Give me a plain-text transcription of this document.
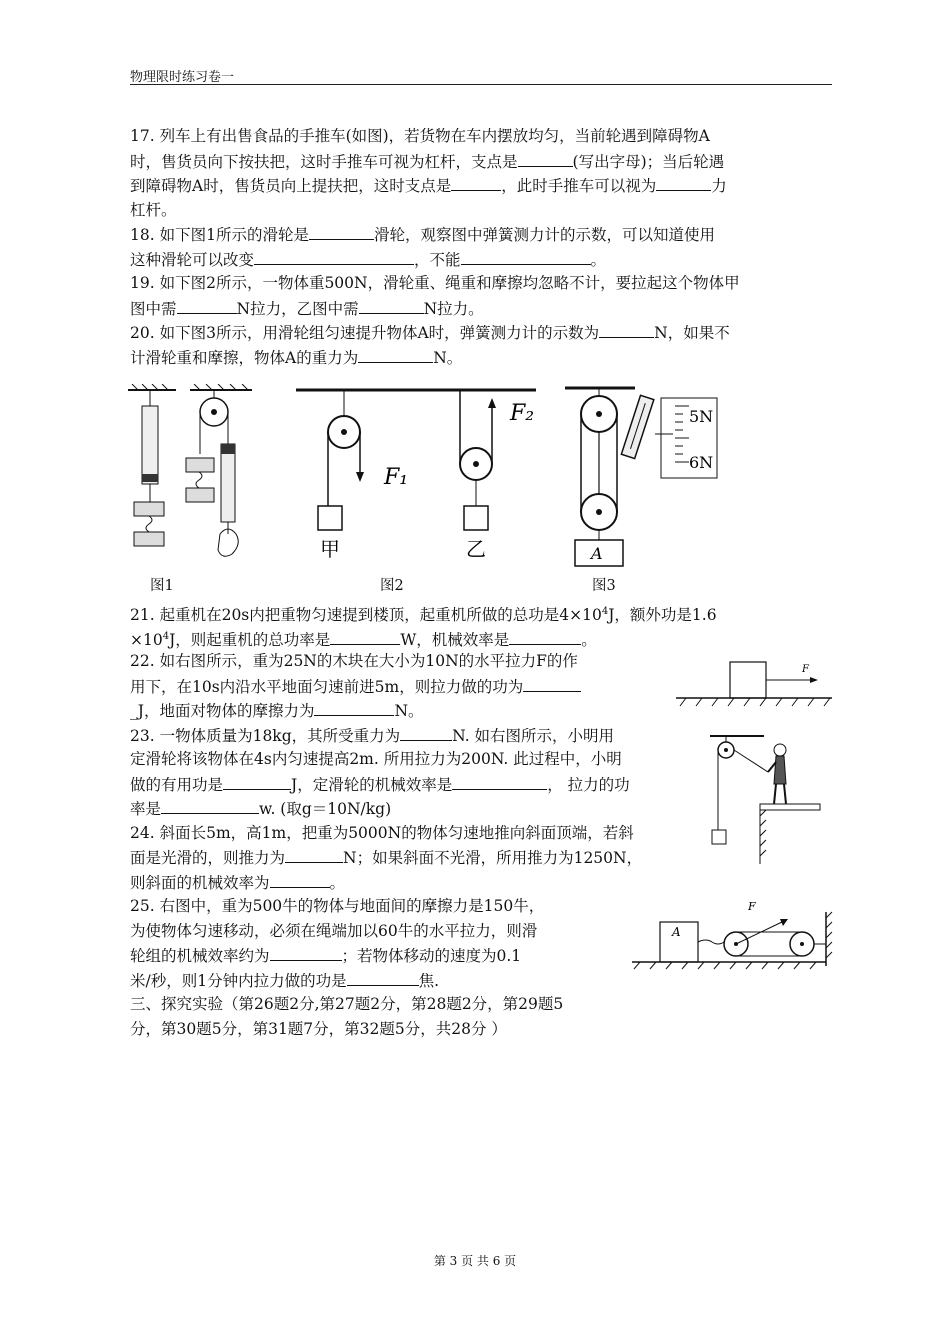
物理限时练习卷一
17. 列车上有出售食品的手推车(如图)，若货物在车内摆放均匀，当前轮遇到障碍物A
时，售货员向下按扶把，这时手推车可视为杠杆，支点是	(写出字母)；当后轮遇
到障碍物A时，售货员向上提扶把，这时支点是	，此时手推车可以视为	力
杠杆。
18. 如下图1所示的滑轮是	滑轮，观察图中弹簧测力计的示数，可以知道使用
这种滑轮可以改变	，不能	。
19. 如下图2所示，一物体重500N，滑轮重、绳重和摩擦均忽略不计，要拉起这个物体甲
图中需	N拉力，乙图中需	N拉力。
20. 如下图3所示，用滑轮组匀速提升物体A时，弹簧测力计的示数为	N，如果不
计滑轮重和摩擦，物体A的重力为	N。
F₁
甲
F₂
乙	A
5N
6N
图1	图2	图3
21. 起重机在20s内把重物匀速提到楼顶，起重机所做的总功是$4\times 10^4J$，额外功是1.6
$\times 10^4J$，则起重机的总功率是	W，机械效率是	。
22. 如右图所示，重为25N的木块在大小为10N的水平拉力F的作
用下，在10s内沿水平地面匀速前进5m，则拉力做的功为
_J，地面对物体的摩擦力为	N。
23. 一物体质量为18kg，其所受重力为	N. 如右图所示，小明用
定滑轮将该物体在4s内匀速提高2m. 所用拉力为200N. 此过程中，小明
做的有用功是	J，定滑轮的机械效率是	， 拉力的功
率是	w. (取g＝10N/kg)
24. 斜面长5m，高1m，把重为5000N的物体匀速地推向斜面顶端，若斜
面是光滑的，则推力为	N；如果斜面不光滑，所用推力为1250N，
则斜面的机械效率为	。
25. 右图中，重为500牛的物体与地面间的摩擦力是150牛，
为使物体匀速移动，必须在绳端加以60牛的水平拉力，则滑
轮组的机械效率约为	；若物体移动的速度为0.1
米/秒，则1分钟内拉力做的功是	焦.
三、探究实验（第26题2分,第27题2分，第28题2分，第29题5
分，第30题5分，第31题7分，第32题5分，共28分 ）
F
F
A
第 3 页 共 6 页
